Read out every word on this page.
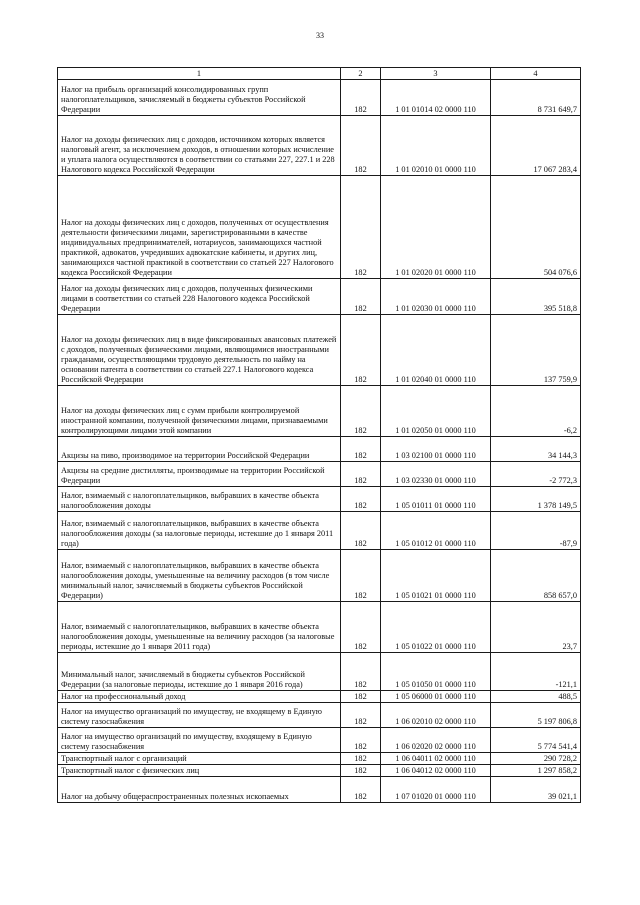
33
1	2	3	4
Налог на прибыль организаций консолидированных групп налогоплательщиков, зачисляемый в бюджеты субъектов Российской Федерации	182	1 01 01014 02 0000 110	8 731 649,7
Налог на доходы физических лиц с доходов, источником которых является налоговый агент, за исключением доходов, в отношении которых исчисление и уплата налога осуществляются в соответствии со статьями 227, 227.1 и 228 Налогового кодекса Российской Федерации	182	1 01 02010 01 0000 110	17 067 283,4
Налог на доходы физических лиц с доходов, полученных от осуществления деятельности физическими лицами, зарегистрированными в качестве индивидуальных предпринимателей, нотариусов, занимающихся частной практикой, адвокатов, учредивших адвокатские кабинеты, и других лиц, занимающихся частной практикой в соответствии со статьей 227 Налогового кодекса Российской Федерации	182	1 01 02020 01 0000 110	504 076,6
Налог на доходы физических лиц с доходов, полученных физическими лицами в соответствии со статьей 228 Налогового кодекса Российской Федерации	182	1 01 02030 01 0000 110	395 518,8
Налог на доходы физических лиц в виде фиксированных авансовых платежей с доходов, полученных физическими лицами, являющимися иностранными гражданами, осуществляющими трудовую деятельность по найму на основании патента в соответствии со статьей 227.1 Налогового кодекса Российской Федерации	182	1 01 02040 01 0000 110	137 759,9
Налог на доходы физических лиц с сумм прибыли контролируемой иностранной компании, полученной физическими лицами, признаваемыми контролирующими лицами этой компании	182	1 01 02050 01 0000 110	-6,2
Акцизы на пиво, производимое на территории Российской Федерации	182	1 03 02100 01 0000 110	34 144,3
Акцизы на средние дистилляты, производимые на территории Российской Федерации	182	1 03 02330 01 0000 110	-2 772,3
Налог, взимаемый с налогоплательщиков, выбравших в качестве объекта налогообложения доходы	182	1 05 01011 01 0000 110	1 378 149,5
Налог, взимаемый с налогоплательщиков, выбравших в качестве объекта налогообложения доходы (за налоговые периоды, истекшие до 1 января 2011 года)	182	1 05 01012 01 0000 110	-87,9
Налог, взимаемый с налогоплательщиков, выбравших в качестве объекта налогообложения доходы, уменьшенные на величину расходов (в том числе минимальный налог, зачисляемый в бюджеты субъектов Российской Федерации)	182	1 05 01021 01 0000 110	858 657,0
Налог, взимаемый с налогоплательщиков, выбравших в качестве объекта налогообложения доходы, уменьшенные на величину расходов (за налоговые периоды, истекшие до 1 января 2011 года)	182	1 05 01022 01 0000 110	23,7
Минимальный налог, зачисляемый в бюджеты субъектов Российской Федерации (за налоговые периоды, истекшие до 1 января 2016 года)	182	1 05 01050 01 0000 110	-121,1
Налог на профессиональный доход	182	1 05 06000 01 0000 110	488,5
Налог на имущество организаций по имуществу, не входящему в Единую систему газоснабжения	182	1 06 02010 02 0000 110	5 197 806,8
Налог на имущество организаций по имуществу, входящему в Единую систему газоснабжения	182	1 06 02020 02 0000 110	5 774 541,4
Транспортный налог с организаций	182	1 06 04011 02 0000 110	290 728,2
Транспортный налог с физических лиц	182	1 06 04012 02 0000 110	1 297 858,2
Налог на добычу общераспространенных полезных ископаемых	182	1 07 01020 01 0000 110	39 021,1
